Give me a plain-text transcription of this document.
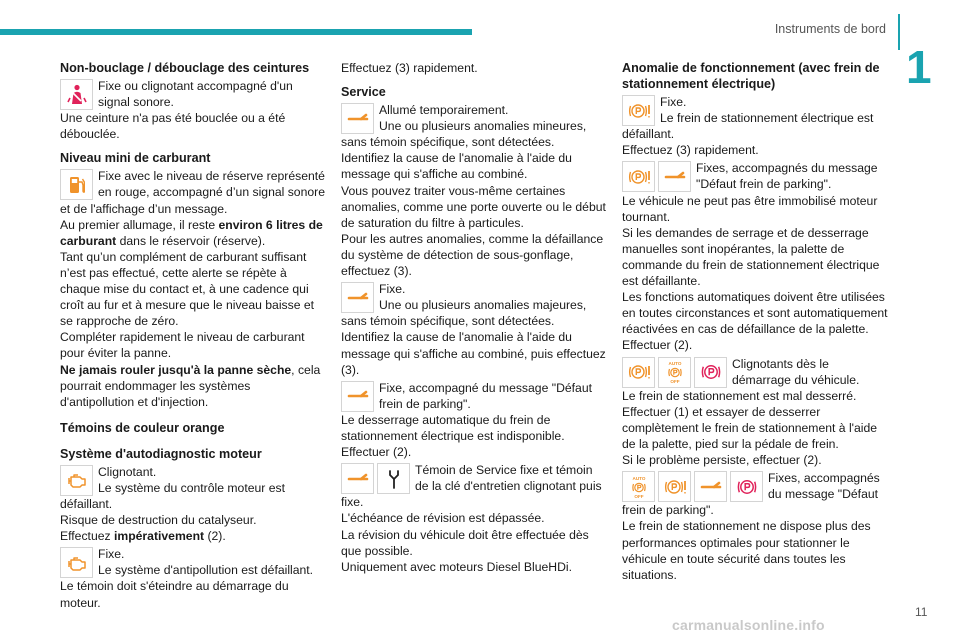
Instruments de bord
1
Non-bouclage / débouclage des ceintures
Fixe ou clignotant accompagné d'un signal sonore.
Une ceinture n'a pas été bouclée ou a été débouclée.
Niveau mini de carburant
Fixe avec le niveau de réserve représenté en rouge, accompagné d’un signal sonore et de l'affichage d’un message.
Au premier allumage, il reste environ 6 litres de carburant dans le réservoir (réserve).
Tant qu’un complément de carburant suffisant n’est pas effectué, cette alerte se répète à chaque mise du contact et, à une cadence qui croît au fur et à mesure que le niveau baisse et se rapproche de zéro.
Compléter rapidement le niveau de carburant pour éviter la panne.
Ne jamais rouler jusqu'à la panne sèche, cela pourrait endommager les systèmes d'antipollution et d'injection.
Témoins de couleur orange
Système d'autodiagnostic moteur
Clignotant.
Le système du contrôle moteur est défaillant.
Risque de destruction du catalyseur.
Effectuez impérativement (2).
Fixe.
Le système d'antipollution est défaillant.
Le témoin doit s'éteindre au démarrage du moteur.
Effectuez (3) rapidement.
Service
Allumé temporairement.
Une ou plusieurs anomalies mineures, sans témoin spécifique, sont détectées.
Identifiez la cause de l'anomalie à l'aide du message qui s'affiche au combiné.
Vous pouvez traiter vous-même certaines anomalies, comme une porte ouverte ou le début de saturation du filtre à particules.
Pour les autres anomalies, comme la défaillance du système de détection de sous-gonflage, effectuez (3).
Fixe.
Une ou plusieurs anomalies majeures, sans témoin spécifique, sont détectées.
Identifiez la cause de l'anomalie à l'aide du message qui s'affiche au combiné, puis effectuez (3).
Fixe, accompagné du message "Défaut frein de parking".
Le desserrage automatique du frein de stationnement électrique est indisponible.
Effectuer (2).
Témoin de Service fixe et témoin de la clé d'entretien clignotant puis fixe.
L'échéance de révision est dépassée.
La révision du véhicule doit être effectuée dès que possible.
Uniquement avec moteurs Diesel BlueHDi.
Anomalie de fonctionnement (avec frein de stationnement électrique)
Fixe.
Le frein de stationnement électrique est défaillant.
Effectuez (3) rapidement.
Fixes, accompagnés du message "Défaut frein de parking".
Le véhicule ne peut pas être immobilisé moteur tournant.
Si les demandes de serrage et de desserrage manuelles sont inopérantes, la palette de commande du frein de stationnement électrique est défaillante.
Les fonctions automatiques doivent être utilisées en toutes circonstances et sont automatiquement réactivées en cas de défaillance de la palette.
Effectuer (2).
AUTO
OFF
Clignotants dès le démarrage du véhicule.
Le frein de stationnement est mal desserré.
Effectuer (1) et essayer de desserrer complètement le frein de stationnement à l'aide de la palette, pied sur la pédale de frein.
Si le problème persiste, effectuer (2).
AUTO
OFF
Fixes, accompagnés du message "Défaut frein de parking".
Le frein de stationnement ne dispose plus des performances optimales pour stationner le véhicule en toute sécurité dans toutes les situations.
11
carmanualsonline.info
